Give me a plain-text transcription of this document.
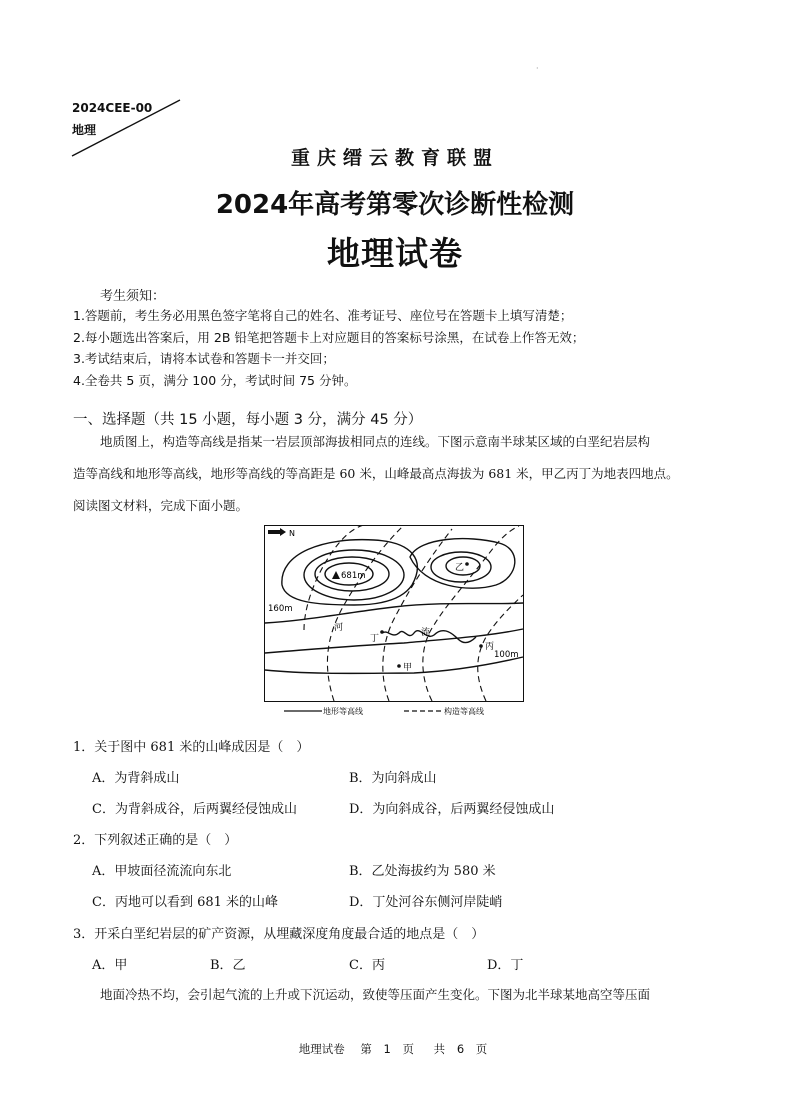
·
2024CEE-00
地理
重庆缙云教育联盟
2024年高考第零次诊断性检测
地理试卷
考生须知：
1.答题前，考生务必用黑色签字笔将自己的姓名、准考证号、座位号在答题卡上填写清楚；
2.每小题选出答案后，用 2B 铅笔把答题卡上对应题目的答案标号涂黑，在试卷上作答无效；
3.考试结束后，请将本试卷和答题卡一并交回；
4.全卷共 5 页，满分 100 分，考试时间 75 分钟。
一、选择题（共 15 小题，每小题 3 分，满分 45 分）
地质图上，构造等高线是指某一岩层顶部海拔相同点的连线。下图示意南半球某区域的白垩纪岩层构
造等高线和地形等高线，地形等高线的等高距是 60 米，山峰最高点海拔为 681 米，甲乙丙丁为地表四地点。
阅读图文材料，完成下面小题。
N
681m
乙
160m
100m
河	流
丁
丙
甲
地形等高线	构造等高线
1．关于图中 681 米的山峰成因是（　）
A．为背斜成山	B．为向斜成山
C．为背斜成谷，后两翼经侵蚀成山	D．为向斜成谷，后两翼经侵蚀成山
2．下列叙述正确的是（　）
A．甲坡面径流流向东北	B．乙处海拔约为 580 米
C．丙地可以看到 681 米的山峰	D．丁处河谷东侧河岸陡峭
3．开采白垩纪岩层的矿产资源，从埋藏深度角度最合适的地点是（　）
A．甲	B．乙	C．丙	D．丁
地面冷热不均，会引起气流的上升或下沉运动，致使等压面产生变化。下图为北半球某地高空等压面
地理试卷 第 1 页 共 6 页
